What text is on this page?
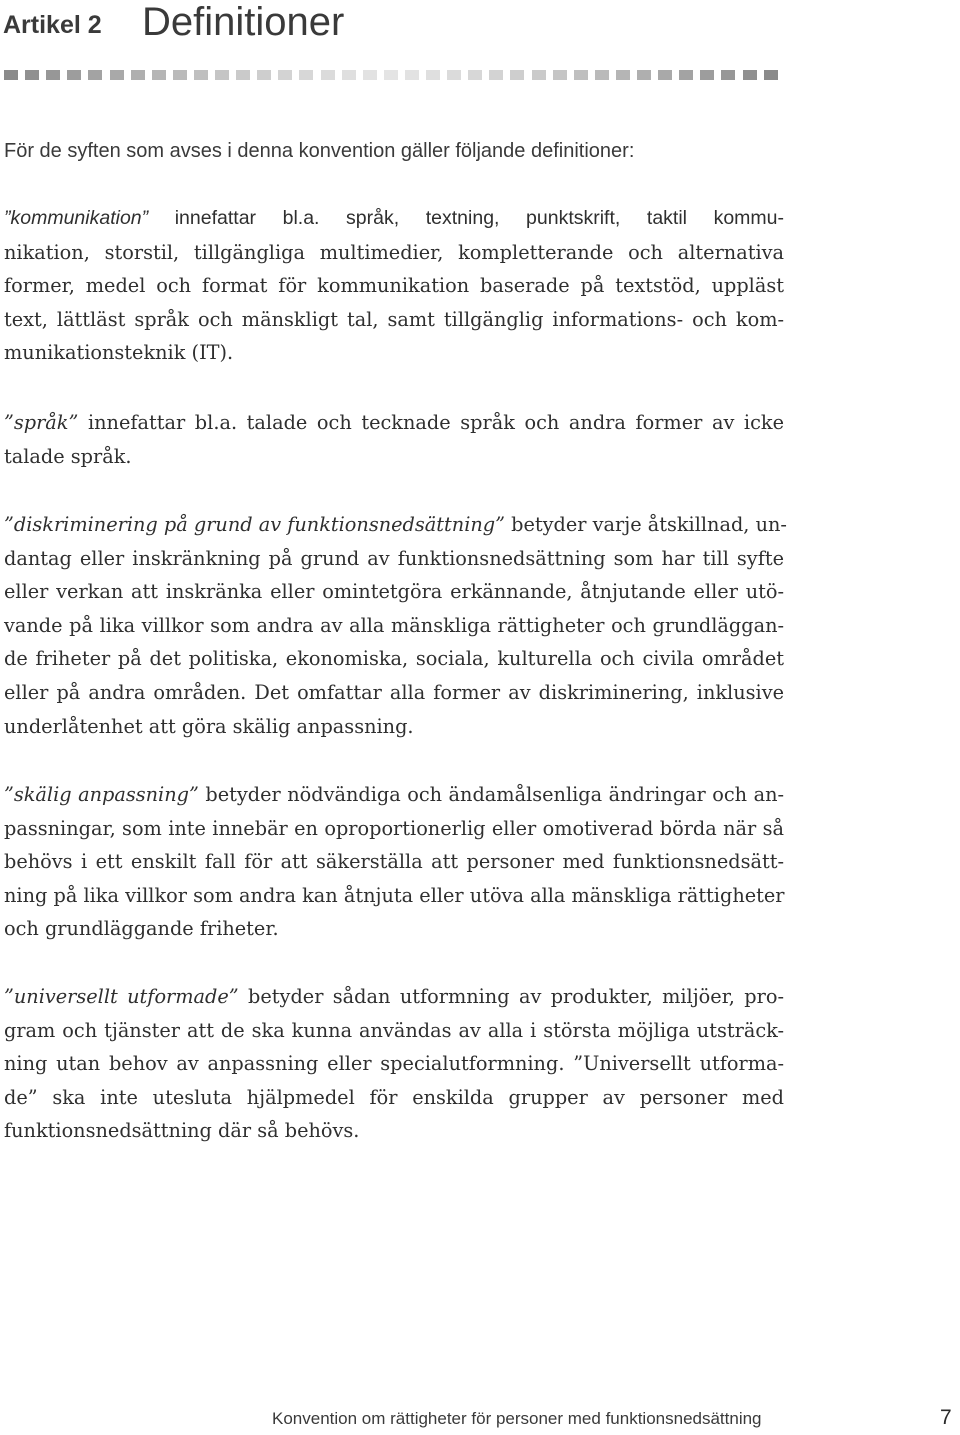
Artikel 2 Definitioner
För de syften som avses i denna konvention gäller följande definitioner:
”kommunikation” innefattar bl.a. språk, textning, punktskrift, taktil kommu-
nikation, storstil, tillgängliga multimedier, kompletterande och alternativa
former, medel och format för kommunikation baserade på textstöd, uppläst
text, lättläst språk och mänskligt tal, samt tillgänglig informations- och kom-
munikationsteknik (IT).
”språk” innefattar bl.a. talade och tecknade språk och andra former av icke
talade språk.
”diskriminering på grund av funktionsnedsättning” betyder varje åtskillnad, un-
dantag eller inskränkning på grund av funktionsnedsättning som har till syfte
eller verkan att inskränka eller omintetgöra erkännande, åtnjutande eller utö-
vande på lika villkor som andra av alla mänskliga rättigheter och grundläggan-
de friheter på det politiska, ekonomiska, sociala, kulturella och civila området
eller på andra områden. Det omfattar alla former av diskriminering, inklusive
underlåtenhet att göra skälig anpassning.
”skälig anpassning” betyder nödvändiga och ändamålsenliga ändringar och an-
passningar, som inte innebär en oproportionerlig eller omotiverad börda när så
behövs i ett enskilt fall för att säkerställa att personer med funktionsnedsätt-
ning på lika villkor som andra kan åtnjuta eller utöva alla mänskliga rättigheter
och grundläggande friheter.
”universellt utformade” betyder sådan utformning av produkter, miljöer, pro-
gram och tjänster att de ska kunna användas av alla i största möjliga utsträck-
ning utan behov av anpassning eller specialutformning. ”Universellt utforma-
de” ska inte utesluta hjälpmedel för enskilda grupper av personer med
funktionsnedsättning där så behövs.
Konvention om rättigheter för personer med funktionsnedsättning	7
